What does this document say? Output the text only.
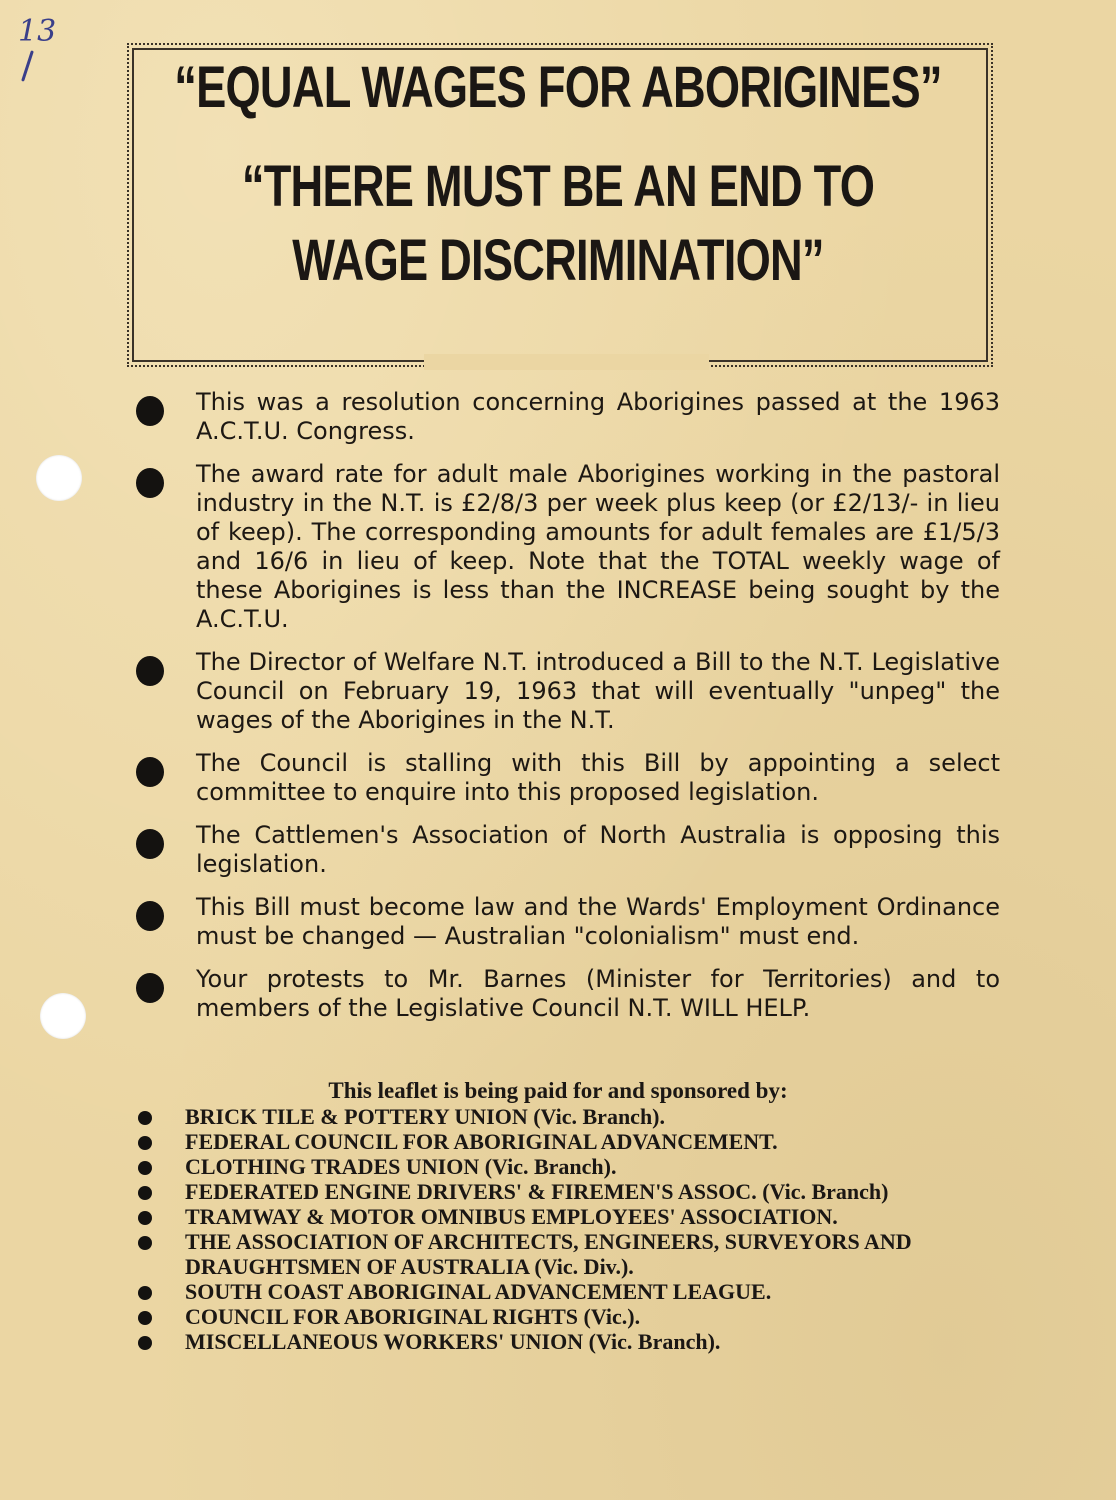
13
“EQUAL WAGES FOR ABORIGINES”
“THERE MUST BE AN END TO
WAGE DISCRIMINATION”
This was a resolution concerning Aborigines passed at the 1963 A.C.T.U. Congress.
The award rate for adult male Aborigines working in the pastoral industry in the N.T. is £2/8/3 per week plus keep (or £2/13/- in lieu of keep). The corresponding amounts for adult females are £1/5/3 and 16/6 in lieu of keep. Note that the TOTAL weekly wage of these Aborigines is less than the INCREASE being sought by the A.C.T.U.
The Director of Welfare N.T. introduced a Bill to the N.T. Legislative Council on February 19, 1963 that will eventually "unpeg" the wages of the Aborigines in the N.T.
The Council is stalling with this Bill by appointing a select committee to enquire into this proposed legislation.
The Cattlemen's Association of North Australia is opposing this legislation.
This Bill must become law and the Wards' Employment Ordinance must be changed — Australian "colonialism" must end.
Your protests to Mr. Barnes (Minister for Territories) and to members of the Legislative Council N.T. WILL HELP.
This leaflet is being paid for and sponsored by:
BRICK TILE & POTTERY UNION (Vic. Branch).
FEDERAL COUNCIL FOR ABORIGINAL ADVANCEMENT.
CLOTHING TRADES UNION (Vic. Branch).
FEDERATED ENGINE DRIVERS' & FIREMEN'S ASSOC. (Vic. Branch)
TRAMWAY & MOTOR OMNIBUS EMPLOYEES' ASSOCIATION.
THE ASSOCIATION OF ARCHITECTS, ENGINEERS, SURVEYORS AND DRAUGHTSMEN OF AUSTRALIA (Vic. Div.).
SOUTH COAST ABORIGINAL ADVANCEMENT LEAGUE.
COUNCIL FOR ABORIGINAL RIGHTS (Vic.).
MISCELLANEOUS WORKERS' UNION (Vic. Branch).
